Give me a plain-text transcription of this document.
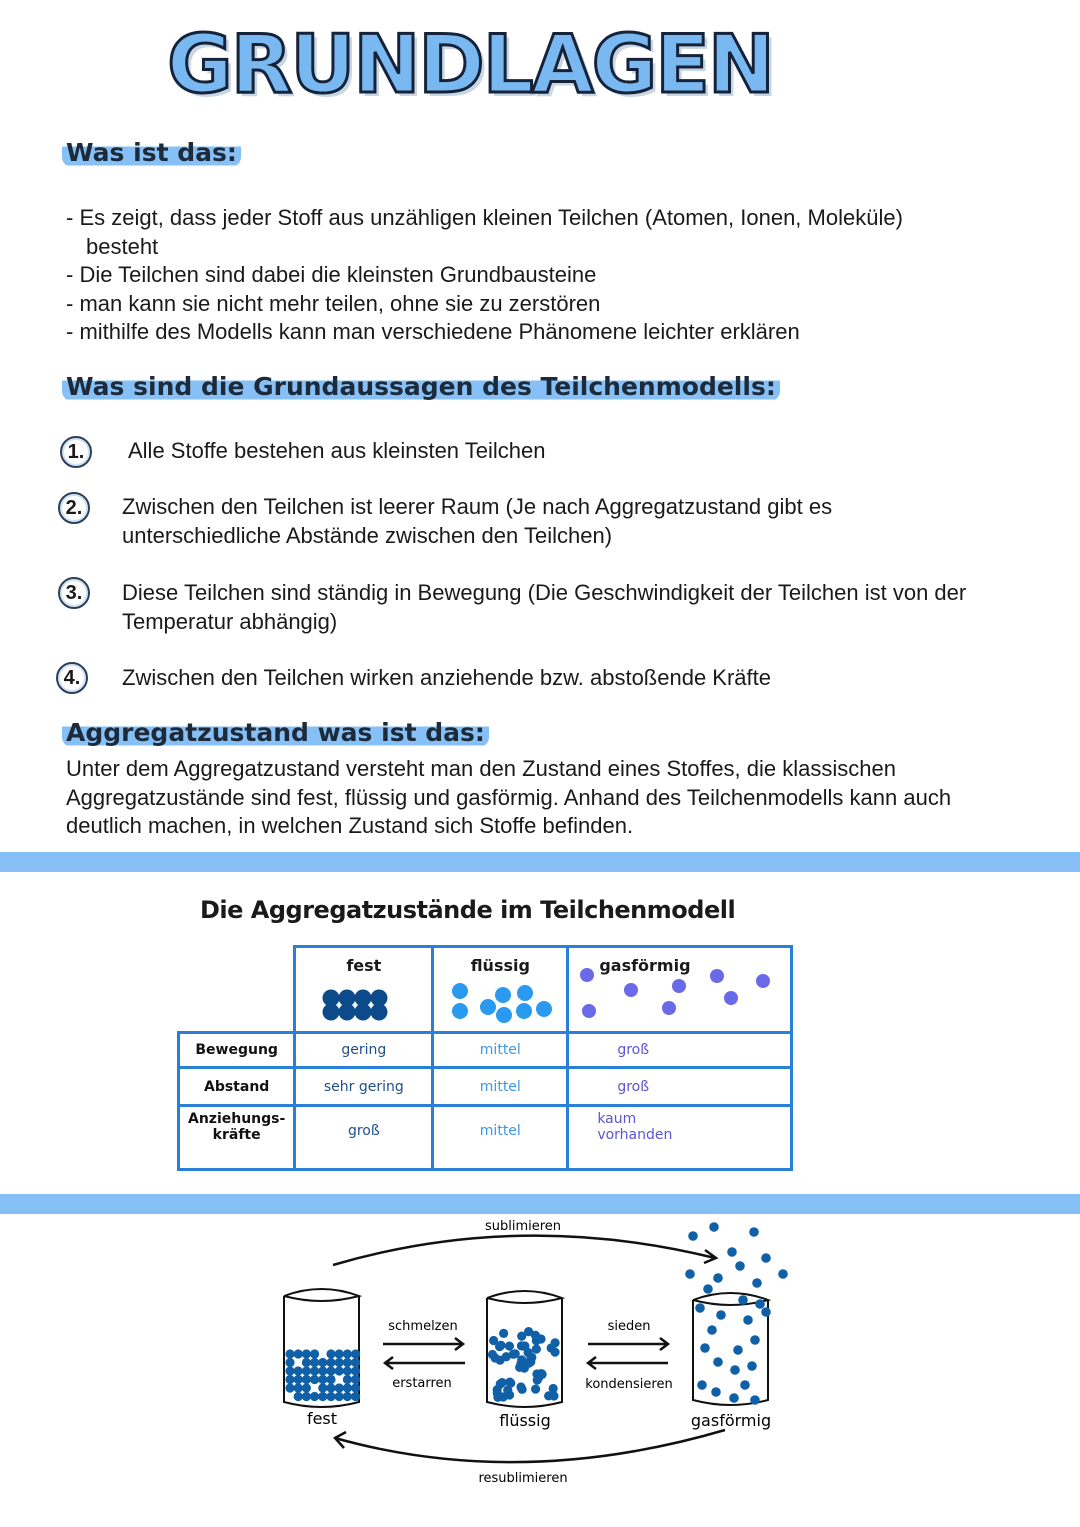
GRUNDLAGEN
Was ist das:
- Es zeigt, dass jeder Stoff aus unzähligen kleinen Teilchen (Atomen, Ionen, Moleküle)
besteht
- Die Teilchen sind dabei die kleinsten Grundbausteine
- man kann sie nicht mehr teilen, ohne sie zu zerstören
- mithilfe des Modells kann man verschiedene Phänomene leichter erklären
Was sind die Grundaussagen des Teilchenmodells:
1.	Alle Stoffe bestehen aus kleinsten Teilchen
2.	Zwischen den Teilchen ist leerer Raum (Je nach Aggregatzustand gibt es unterschiedliche Abstände zwischen den Teilchen)
3.	Diese Teilchen sind ständig in Bewegung (Die Geschwindigkeit der Teilchen ist von der Temperatur abhängig)
4.	Zwischen den Teilchen wirken anziehende bzw. abstoßende Kräfte
Aggregatzustand was ist das:
Unter dem Aggregatzustand versteht man den Zustand eines Stoffes, die klassischen Aggregatzustände sind fest, flüssig und gasförmig. Anhand des Teilchenmodells kann auch deutlich machen, in welchen Zustand sich Stoffe befinden.
Die Aggregatzustände im Teilchenmodell

	fest	flüssig	gasförmig

Bewegung	gering	mittel	groß
Abstand	sehr gering	mittel	groß
Anziehungs-kräfte	groß	mittel	kaum vorhanden
sublimieren
resublimieren
schmelzen
erstarren
sieden
kondensieren
fest	flüssig	gasförmig
